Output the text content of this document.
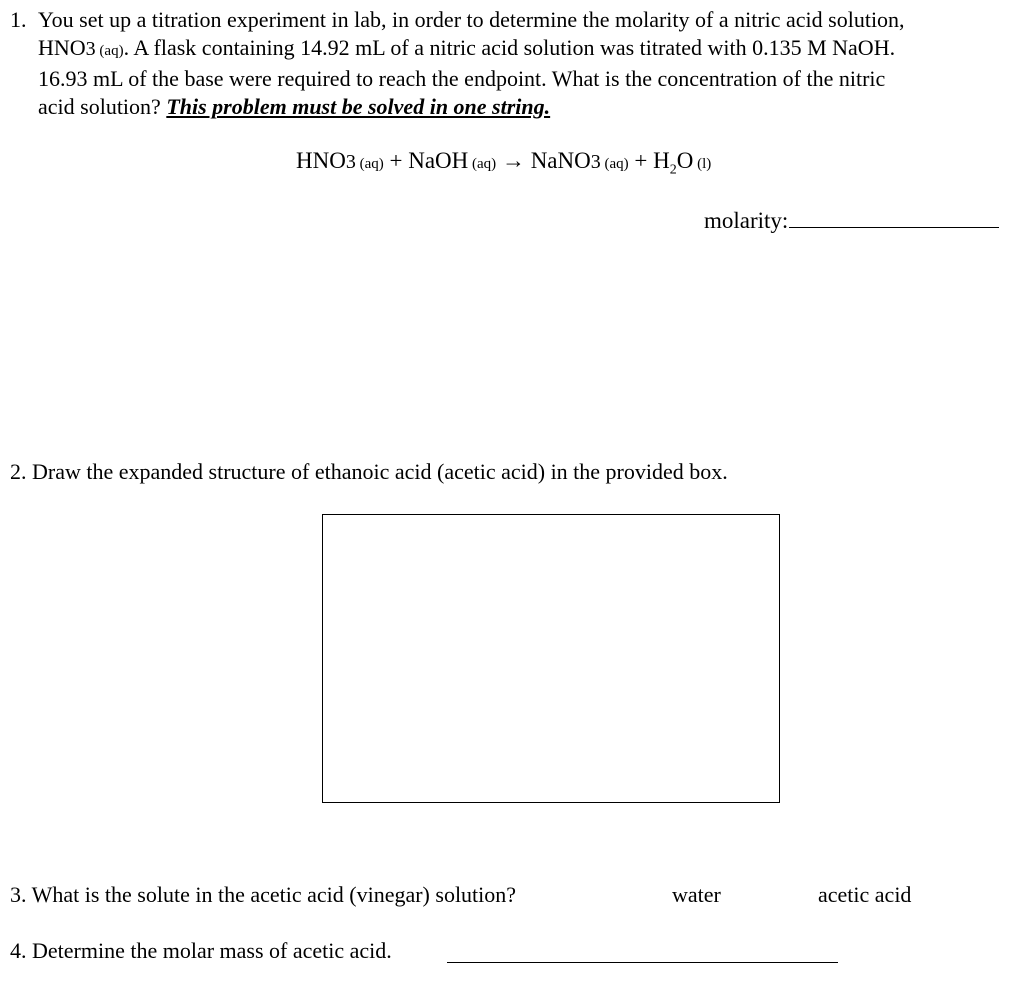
1. You set up a titration experiment in lab, in order to determine the molarity of a nitric acid solution,
HNO3 (aq). A flask containing 14.92 mL of a nitric acid solution was titrated with 0.135 M NaOH.
16.93 mL of the base were required to reach the endpoint. What is the concentration of the nitric
acid solution? This problem must be solved in one string.
HNO3 (aq) + NaOH (aq) → NaNO3 $(aq) + H_2O$ (l)
molarity:
2. Draw the expanded structure of ethanoic acid (acetic acid) in the provided box.
3. What is the solute in the acetic acid (vinegar) solution?	water	acetic acid
4. Determine the molar mass of acetic acid.
